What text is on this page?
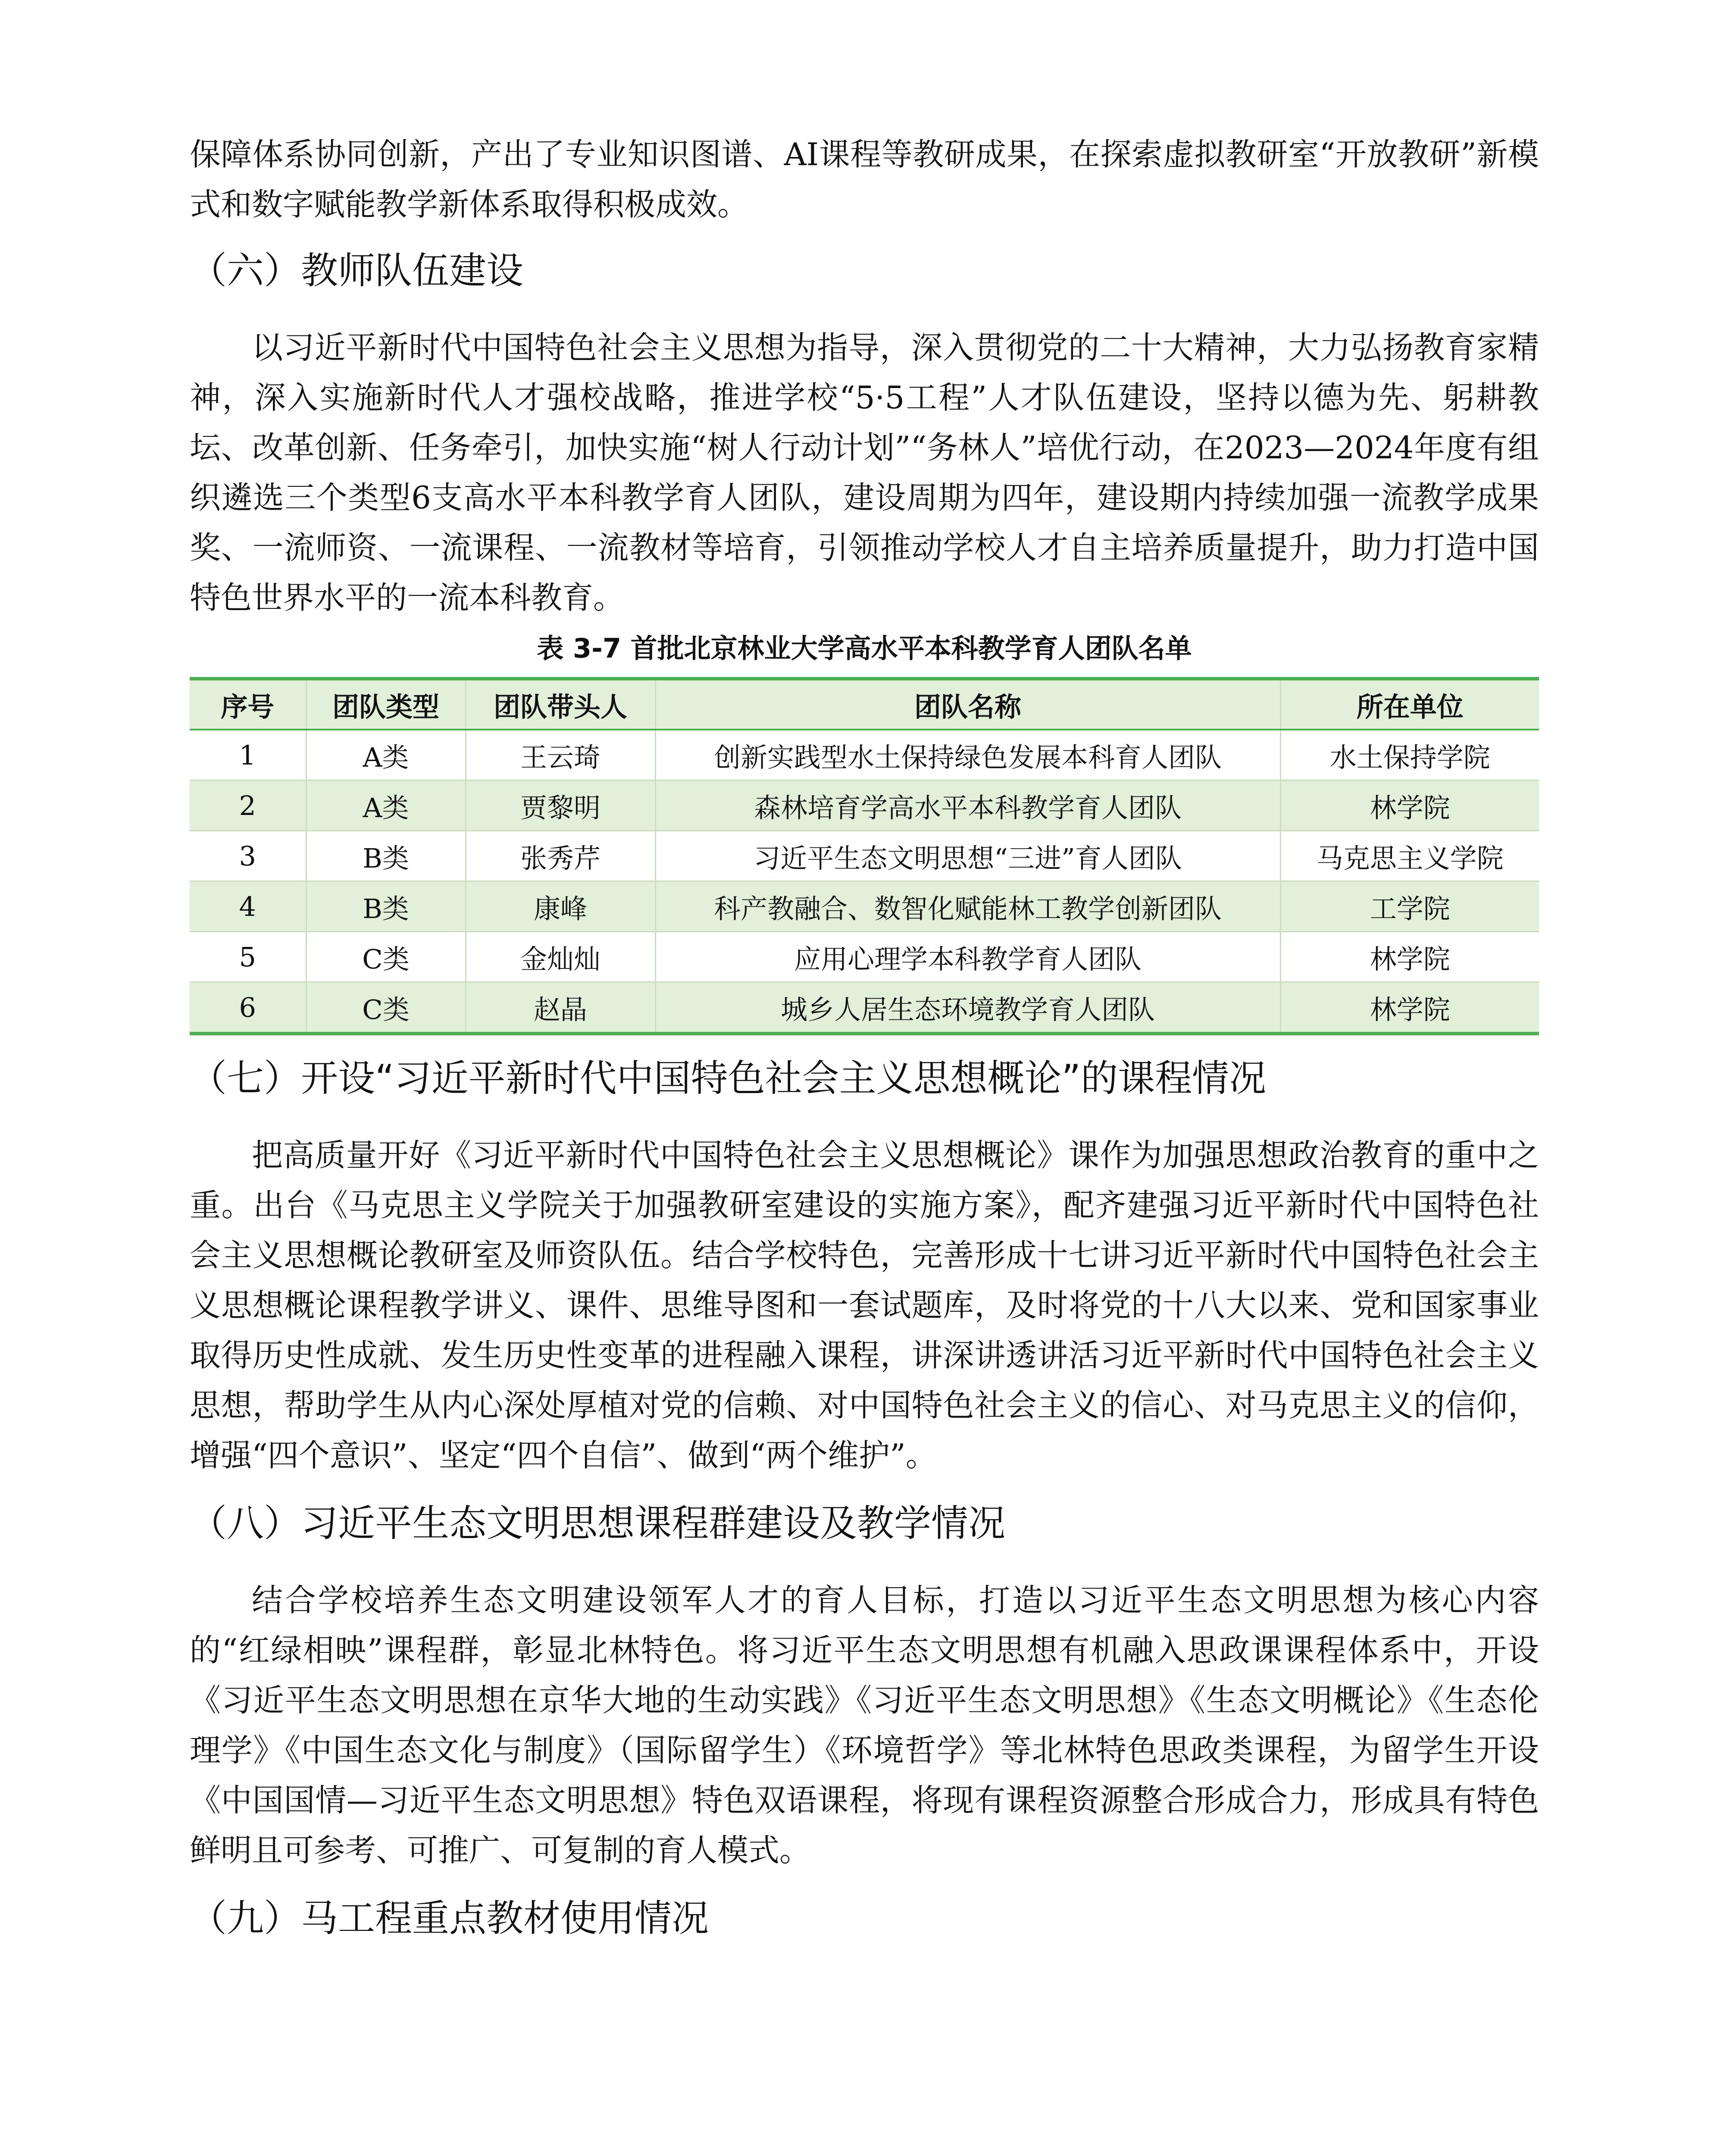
保障体系协同创新，产出了专业知识图谱、AI课程等教研成果，在探索虚拟教研室“开放教研”新模式和数字赋能教学新体系取得积极成效。

（六）教师队伍建设

以习近平新时代中国特色社会主义思想为指导，深入贯彻党的二十大精神，大力弘扬教育家精神，深入实施新时代人才强校战略，推进学校“5·5工程”人才队伍建设，坚持以德为先、躬耕教坛、改革创新、任务牵引，加快实施“树人行动计划”“务林人”培优行动，在2023—2024年度有组织遴选三个类型6支高水平本科教学育人团队，建设周期为四年，建设期内持续加强一流教学成果奖、一流师资、一流课程、一流教材等培育，引领推动学校人才自主培养质量提升，助力打造中国特色世界水平的一流本科教育。

表 3-7 首批北京林业大学高水平本科教学育人团队名单
序号	团队类型	团队带头人	团队名称	所在单位
1	A类	王云琦	创新实践型水土保持绿色发展本科育人团队	水土保持学院
2	A类	贾黎明	森林培育学高水平本科教学育人团队	林学院
3	B类	张秀芹	习近平生态文明思想“三进”育人团队	马克思主义学院
4	B类	康峰	科产教融合、数智化赋能林工教学创新团队	工学院
5	C类	金灿灿	应用心理学本科教学育人团队	林学院
6	C类	赵晶	城乡人居生态环境教学育人团队	林学院
（七）开设“习近平新时代中国特色社会主义思想概论”的课程情况

把高质量开好《习近平新时代中国特色社会主义思想概论》课作为加强思想政治教育的重中之重。出台《马克思主义学院关于加强教研室建设的实施方案》，配齐建强习近平新时代中国特色社会主义思想概论教研室及师资队伍。结合学校特色，完善形成十七讲习近平新时代中国特色社会主义思想概论课程教学讲义、课件、思维导图和一套试题库，及时将党的十八大以来、党和国家事业取得历史性成就、发生历史性变革的进程融入课程，讲深讲透讲活习近平新时代中国特色社会主义思想，帮助学生从内心深处厚植对党的信赖、对中国特色社会主义的信心、对马克思主义的信仰，增强“四个意识”、坚定“四个自信”、做到“两个维护”。

（八）习近平生态文明思想课程群建设及教学情况

结合学校培养生态文明建设领军人才的育人目标，打造以习近平生态文明思想为核心内容的“红绿相映”课程群，彰显北林特色。将习近平生态文明思想有机融入思政课课程体系中，开设《习近平生态文明思想在京华大地的生动实践》《习近平生态文明思想》《生态文明概论》《生态伦理学》《中国生态文化与制度》（国际留学生）《环境哲学》等北林特色思政类课程，为留学生开设《中国国情—习近平生态文明思想》特色双语课程，将现有课程资源整合形成合力，形成具有特色鲜明且可参考、可推广、可复制的育人模式。

（九）马工程重点教材使用情况
